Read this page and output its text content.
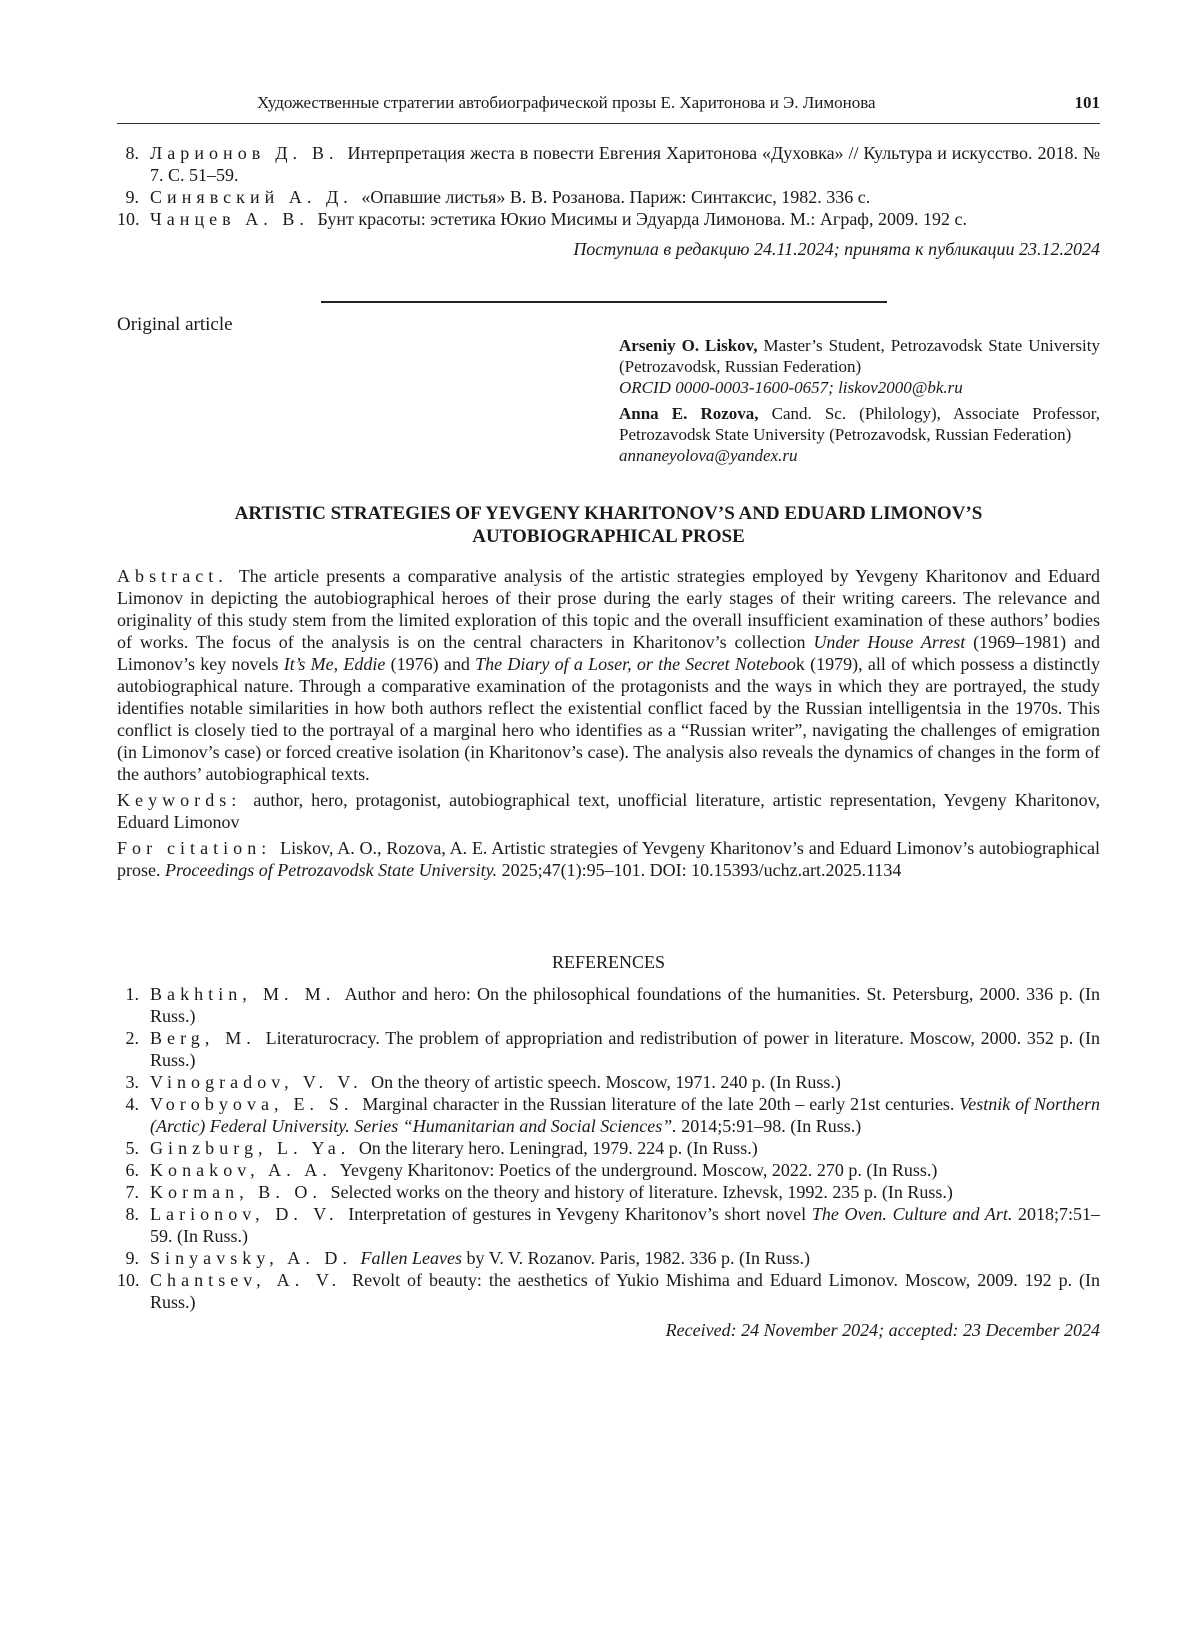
Художественные стратегии автобиографической прозы Е. Харитонова и Э. Лимонова	101
8. Ларионов Д. В. Интерпретация жеста в повести Евгения Харитонова «Духовка» // Культура и искусство. 2018. № 7. С. 51–59.
9. Синявский А. Д. «Опавшие листья» В. В. Розанова. Париж: Синтаксис, 1982. 336 с.
10. Чанцев А. В. Бунт красоты: эстетика Юкио Мисимы и Эдуарда Лимонова. М.: Аграф, 2009. 192 с.
Поступила в редакцию 24.11.2024; принята к публикации 23.12.2024
Original article
Arseniy O. Liskov, Master’s Student, Petrozavodsk State University (Petrozavodsk, Russian Federation)
ORCID 0000-0003-1600-0657; liskov2000@bk.ru
Anna E. Rozova, Cand. Sc. (Philology), Associate Professor, Petrozavodsk State University (Petrozavodsk, Russian Federation)
annaneyolova@yandex.ru
ARTISTIC STRATEGIES OF YEVGENY KHARITONOV’S AND EDUARD LIMONOV’S
AUTOBIOGRAPHICAL PROSE

Abstract. The article presents a comparative analysis of the artistic strategies employed by Yevgeny Kharitonov and Eduard Limonov in depicting the autobiographical heroes of their prose during the early stages of their writing careers. The relevance and originality of this study stem from the limited exploration of this topic and the overall insufficient examination of these authors’ bodies of works. The focus of the analysis is on the central characters in Kharitonov’s collection Under House Arrest (1969–1981) and Limonov’s key novels It’s Me, Eddie (1976) and The Diary of a Loser, or the Secret Notebook (1979), all of which possess a distinctly autobiographical nature. Through a comparative examination of the protagonists and the ways in which they are portrayed, the study identifies notable similarities in how both authors reflect the existential conflict faced by the Russian intelligentsia in the 1970s. This conflict is closely tied to the portrayal of a marginal hero who identifies as a “Russian writer”, navigating the challenges of emigration (in Limonov’s case) or forced creative isolation (in Kharitonov’s case). The analysis also reveals the dynamics of changes in the form of the authors’ autobiographical texts.

Keywords: author, hero, protagonist, autobiographical text, unofficial literature, artistic representation, Yevgeny Kharitonov, Eduard Limonov

For citation: Liskov, A. O., Rozova, A. E. Artistic strategies of Yevgeny Kharitonov’s and Eduard Limonov’s autobiographical prose. Proceedings of Petrozavodsk State University. 2025;47(1):95–101. DOI: 10.15393/uchz.art.2025.1134

REFERENCES
1. Bakhtin, M. M. Author and hero: On the philosophical foundations of the humanities. St. Petersburg, 2000. 336 p. (In Russ.)
2. Berg, M. Literaturocracy. The problem of appropriation and redistribution of power in literature. Moscow, 2000. 352 p. (In Russ.)
3. Vinogradov, V. V. On the theory of artistic speech. Moscow, 1971. 240 p. (In Russ.)
4. Vorobyova, E. S. Marginal character in the Russian literature of the late 20th – early 21st centuries. Vestnik of Northern (Arctic) Federal University. Series “Humanitarian and Social Sciences”. 2014;5:91–98. (In Russ.)
5. Ginzburg, L. Ya. On the literary hero. Leningrad, 1979. 224 p. (In Russ.)
6. Konakov, A. A. Yevgeny Kharitonov: Poetics of the underground. Moscow, 2022. 270 p. (In Russ.)
7. Korman, B. O. Selected works on the theory and history of literature. Izhevsk, 1992. 235 p. (In Russ.)
8. Larionov, D. V. Interpretation of gestures in Yevgeny Kharitonov’s short novel The Oven. Culture and Art. 2018;7:51–59. (In Russ.)
9. Sinyavsky, A. D. Fallen Leaves by V. V. Rozanov. Paris, 1982. 336 p. (In Russ.)
10. Chantsev, A. V. Revolt of beauty: the aesthetics of Yukio Mishima and Eduard Limonov. Moscow, 2009. 192 p. (In Russ.)
Received: 24 November 2024; accepted: 23 December 2024
